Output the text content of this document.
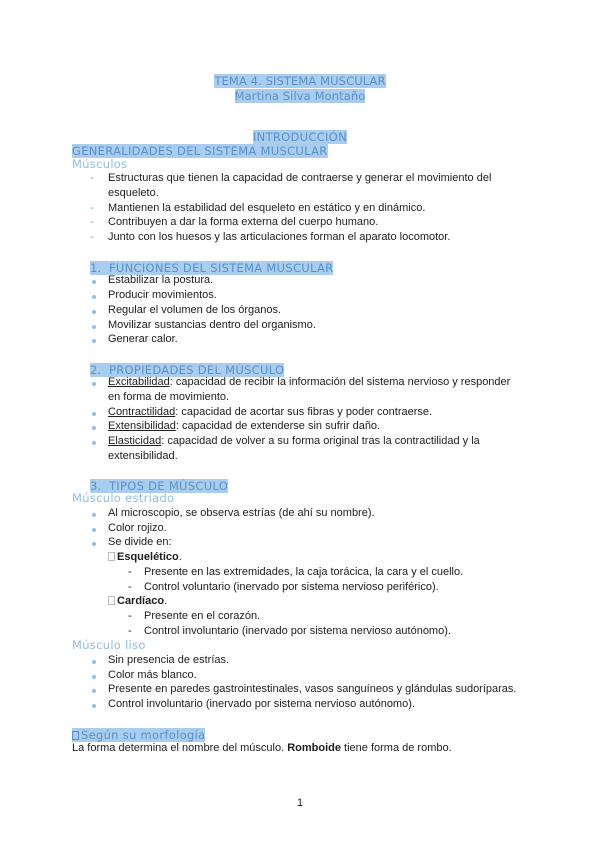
TEMA 4. SISTEMA MUSCULAR
Martina Silva Montaño
INTRODUCCIÓN
GENERALIDADES DEL SISTEMA MUSCULAR
Músculos
- Estructuras que tienen la capacidad de contraerse y generar el movimiento del
esqueleto.
- Mantienen la estabilidad del esqueleto en estático y en dinámico.
- Contribuyen a dar la forma externa del cuerpo humano.
- Junto con los huesos y las articulaciones forman el aparato locomotor.
1. FUNCIONES DEL SISTEMA MUSCULAR
Estabilizar la postura.
Producir movimientos.
Regular el volumen de los órganos.
Movilizar sustancias dentro del organismo.
Generar calor.
2. PROPIEDADES DEL MÚSCULO
Excitabilidad: capacidad de recibir la información del sistema nervioso y responder
en forma de movimiento.
Contractilidad: capacidad de acortar sus fibras y poder contraerse.
Extensibilidad: capacidad de extenderse sin sufrir daño.
Elasticidad: capacidad de volver a su forma original tras la contractilidad y la
extensibilidad.
3. TIPOS DE MÚSCULO
Músculo estriado
Al microscopio, se observa estrías (de ahí su nombre).
Color rojizo.
Se divide en:
Esquelético.
- Presente en las extremidades, la caja torácica, la cara y el cuello.
- Control voluntario (inervado por sistema nervioso periférico).
Cardíaco.
- Presente en el corazón.
- Control involuntario (inervado por sistema nervioso autónomo).
Músculo liso
Sin presencia de estrías.
Color más blanco.
Presente en paredes gastrointestinales, vasos sanguíneos y glándulas sudoríparas.
Control involuntario (inervado por sistema nervioso autónomo).
Según su morfología
La forma determina el nombre del músculo. Romboide tiene forma de rombo.
1
